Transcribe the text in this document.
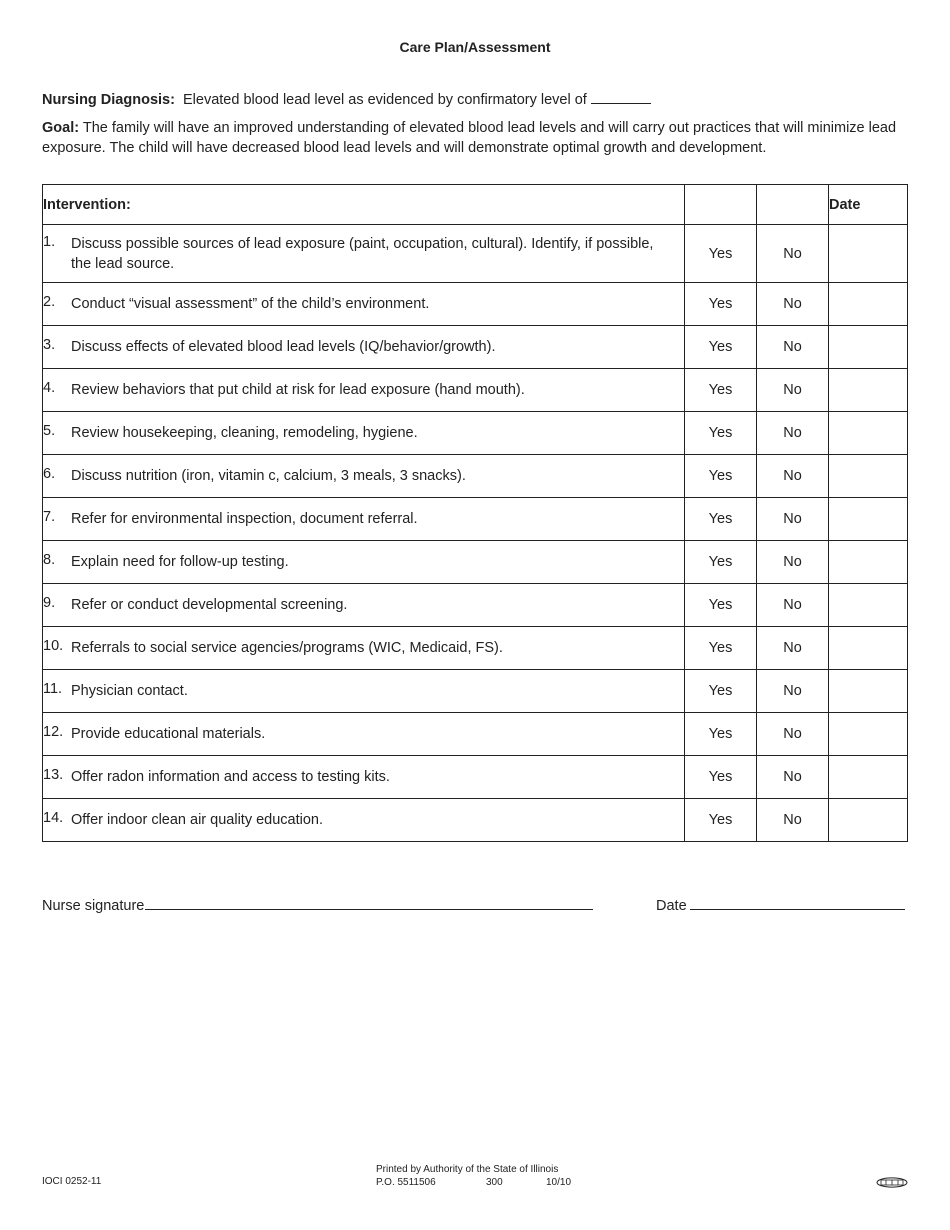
Care Plan/Assessment
Nursing Diagnosis: Elevated blood lead level as evidenced by confirmatory level of
Goal: The family will have an improved understanding of elevated blood lead levels and will carry out practices that will minimize lead exposure. The child will have decreased blood lead levels and will demonstrate optimal growth and development.
Intervention:			Date
1. Discuss possible sources of lead exposure (paint, occupation, cultural). Identify, if possible, the lead source.	Yes	No	
2. Conduct “visual assessment” of the child’s environment.	Yes	No	
3. Discuss effects of elevated blood lead levels (IQ/behavior/growth).	Yes	No	
4. Review behaviors that put child at risk for lead exposure (hand mouth).	Yes	No	
5. Review housekeeping, cleaning, remodeling, hygiene.	Yes	No	
6. Discuss nutrition (iron, vitamin c, calcium, 3 meals, 3 snacks).	Yes	No	
7. Refer for environmental inspection, document referral.	Yes	No	
8. Explain need for follow-up testing.	Yes	No	
9. Refer or conduct developmental screening.	Yes	No	
10. Referrals to social service agencies/programs (WIC, Medicaid, FS).	Yes	No	
11. Physician contact.	Yes	No	
12. Provide educational materials.	Yes	No	
13. Offer radon information and access to testing kits.	Yes	No	
14. Offer indoor clean air quality education.	Yes	No	
Nurse signature	Date
IOCI 0252-11
Printed by Authority of the State of Illinois
P.O. 5511506	300	10/10
